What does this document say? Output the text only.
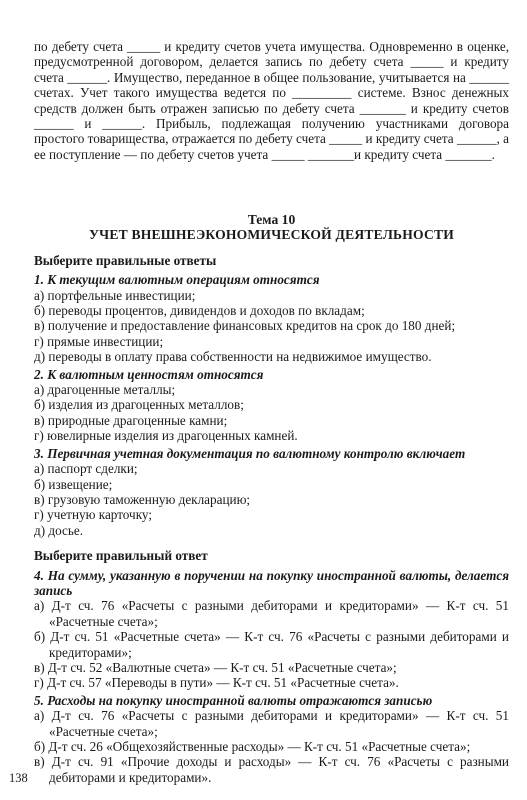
по дебету счета _____ и кредиту счетов учета имущества. Одновременно в оценке, предусмотренной договором, делается запись по дебету счета _____ и кредиту счета ______. Имущество, переданное в общее пользование, учитывается на ______ счетах. Учет такого имущества ведется по _________ системе. Взнос денежных средств должен быть отражен записью по дебету счета _______ и кредиту счетов ______ и ______. Прибыль, подлежащая получению участниками договора простого товарищества, отражается по дебету счета _____ и кредиту счета ______, а ее поступление — по дебету счетов учета _____ _______и кредиту счета _______.

Тема 10
УЧЕТ ВНЕШНЕЭКОНОМИЧЕСКОЙ ДЕЯТЕЛЬНОСТИ
Выберите правильные ответы
1. К текущим валютным операциям относятся
а) портфельные инвестиции;
б) переводы процентов, дивидендов и доходов по вкладам;
в) получение и предоставление финансовых кредитов на срок до 180 дней;
г) прямые инвестиции;
д) переводы в оплату права собственности на недвижимое имущество.
2. К валютным ценностям относятся
а) драгоценные металлы;
б) изделия из драгоценных металлов;
в) природные драгоценные камни;
г) ювелирные изделия из драгоценных камней.
3. Первичная учетная документация по валютному контролю включает
а) паспорт сделки;
б) извещение;
в) грузовую таможенную декларацию;
г) учетную карточку;
д) досье.
Выберите правильный ответ
4. На сумму, указанную в поручении на покупку иностранной валюты, делается запись
а) Д-т сч. 76 «Расчеты с разными дебиторами и кредиторами» — К-т сч. 51 «Расчетные счета»;
б) Д-т сч. 51 «Расчетные счета» — К-т сч. 76 «Расчеты с разными дебиторами и кредиторами»;
в) Д-т сч. 52 «Валютные счета» — К-т сч. 51 «Расчетные счета»;
г) Д-т сч. 57 «Переводы в пути» — К-т сч. 51 «Расчетные счета».
5. Расходы на покупку иностранной валюты отражаются записью
а) Д-т сч. 76 «Расчеты с разными дебиторами и кредиторами» — К-т сч. 51 «Расчетные счета»;
б) Д-т сч. 26 «Общехозяйственные расходы» — К-т сч. 51 «Расчетные счета»;
в) Д-т сч. 91 «Прочие доходы и расходы» — К-т сч. 76 «Расчеты с разными дебиторами и кредиторами».
138
